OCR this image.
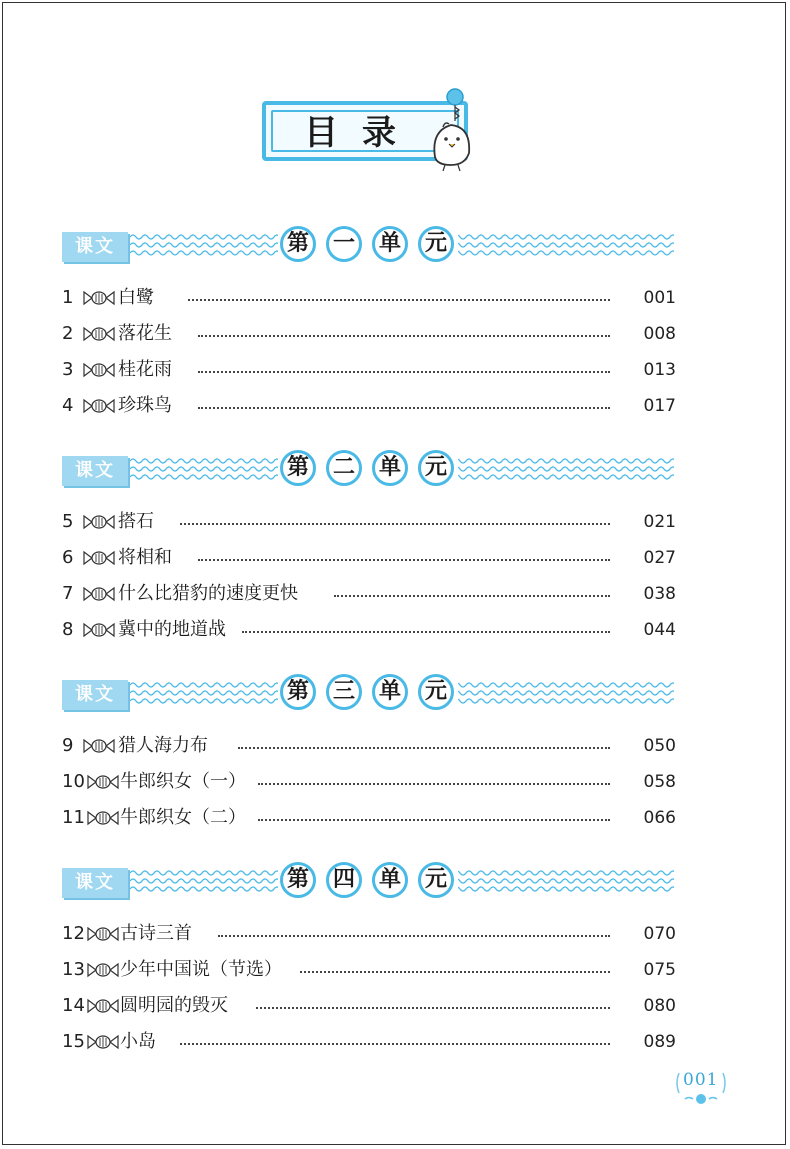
目录
课文	第	一	单	元
1 白鹭	001
2 落花生	008
3 桂花雨	013
4 珍珠鸟	017
课文	第	二	单	元
5 搭石	021
6 将相和	027
7 什么比猎豹的速度更快	038
8 冀中的地道战	044
课文	第	三	单	元
9 猎人海力布	050
10 牛郎织女（一）	058
11 牛郎织女（二）	066
课文	第	四	单	元
12 古诗三首	070
13 少年中国说（节选）	075
14 圆明园的毁灭	080
15 小岛	089
001
